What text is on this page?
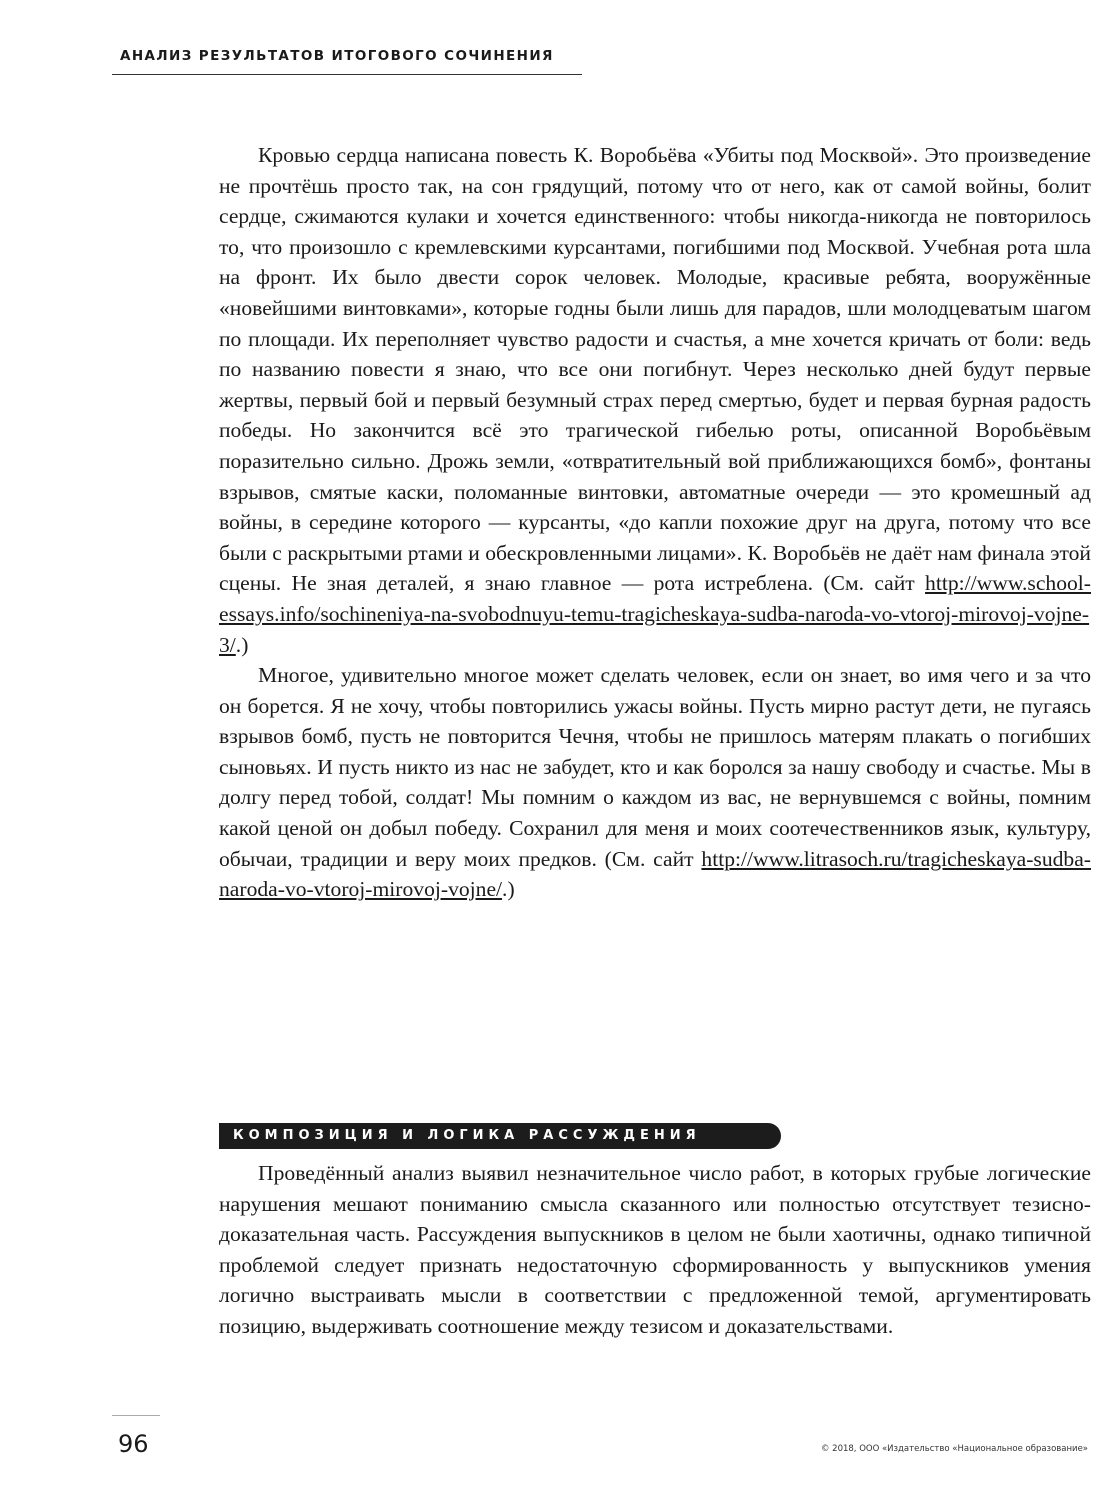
АНАЛИЗ РЕЗУЛЬТАТОВ ИТОГОВОГО СОЧИНЕНИЯ

Кровью сердца написана повесть К. Воробьёва «Убиты под Москвой». Это произведение не прочтёшь просто так, на сон грядущий, потому что от него, как от самой войны, болит сердце, сжимаются кулаки и хочется единственного: чтобы никогда-никогда не повторилось то, что произошло с кремлевскими курсантами, погибшими под Москвой. Учебная рота шла на фронт. Их было двести сорок человек. Молодые, красивые ребята, вооружённые «новейшими винтовками», которые годны были лишь для парадов, шли молодцеватым шагом по площади. Их переполняет чувство радости и счастья, а мне хочется кричать от боли: ведь по названию повести я знаю, что все они погибнут. Через несколько дней будут первые жертвы, первый бой и первый безумный страх перед смертью, будет и первая бурная радость победы. Но закончится всё это трагической гибелью роты, описанной Воробьёвым поразительно сильно. Дрожь земли, «отвратительный вой приближающихся бомб», фонтаны взрывов, смятые каски, поломанные винтовки, автоматные очереди — это кромешный ад войны, в середине которого — курсанты, «до капли похожие друг на друга, потому что все были с раскрытыми ртами и обескровленными лицами». К. Воробьёв не даёт нам финала этой сцены. Не зная деталей, я знаю главное — рота истреблена. (См. сайт http://www.school-essays.info/sochineniya-na-svobodnuyu-temu-tragicheskaya-sudba-naroda-vo-vtoroj-mirovoj-vojne-3/.)

Многое, удивительно многое может сделать человек, если он знает, во имя чего и за что он борется. Я не хочу, чтобы повторились ужасы войны. Пусть мирно растут дети, не пугаясь взрывов бомб, пусть не повторится Чечня, чтобы не пришлось матерям плакать о погибших сыновьях. И пусть никто из нас не забудет, кто и как боролся за нашу свободу и счастье. Мы в долгу перед тобой, солдат! Мы помним о каждом из вас, не вернувшемся с войны, помним какой ценой он добыл победу. Сохранил для меня и моих соотечественников язык, культуру, обычаи, традиции и веру моих предков. (См. сайт http://www.litrasoch.ru/tragicheskaya-sudba-naroda-vo-vtoroj-mirovoj-vojne/.)

КОМПОЗИЦИЯ И ЛОГИКА РАССУЖДЕНИЯ

Проведённый анализ выявил незначительное число работ, в которых грубые логические нарушения мешают пониманию смысла сказанного или полностью отсутствует тезисно-доказательная часть. Рассуждения выпускников в целом не были хаотичны, однако типичной проблемой следует признать недостаточную сформированность у выпускников умения логично выстраивать мысли в соответствии с предложенной темой, аргументировать позицию, выдерживать соотношение между тезисом и доказательствами.

96	© 2018, ООО «Издательство «Национальное образование»
